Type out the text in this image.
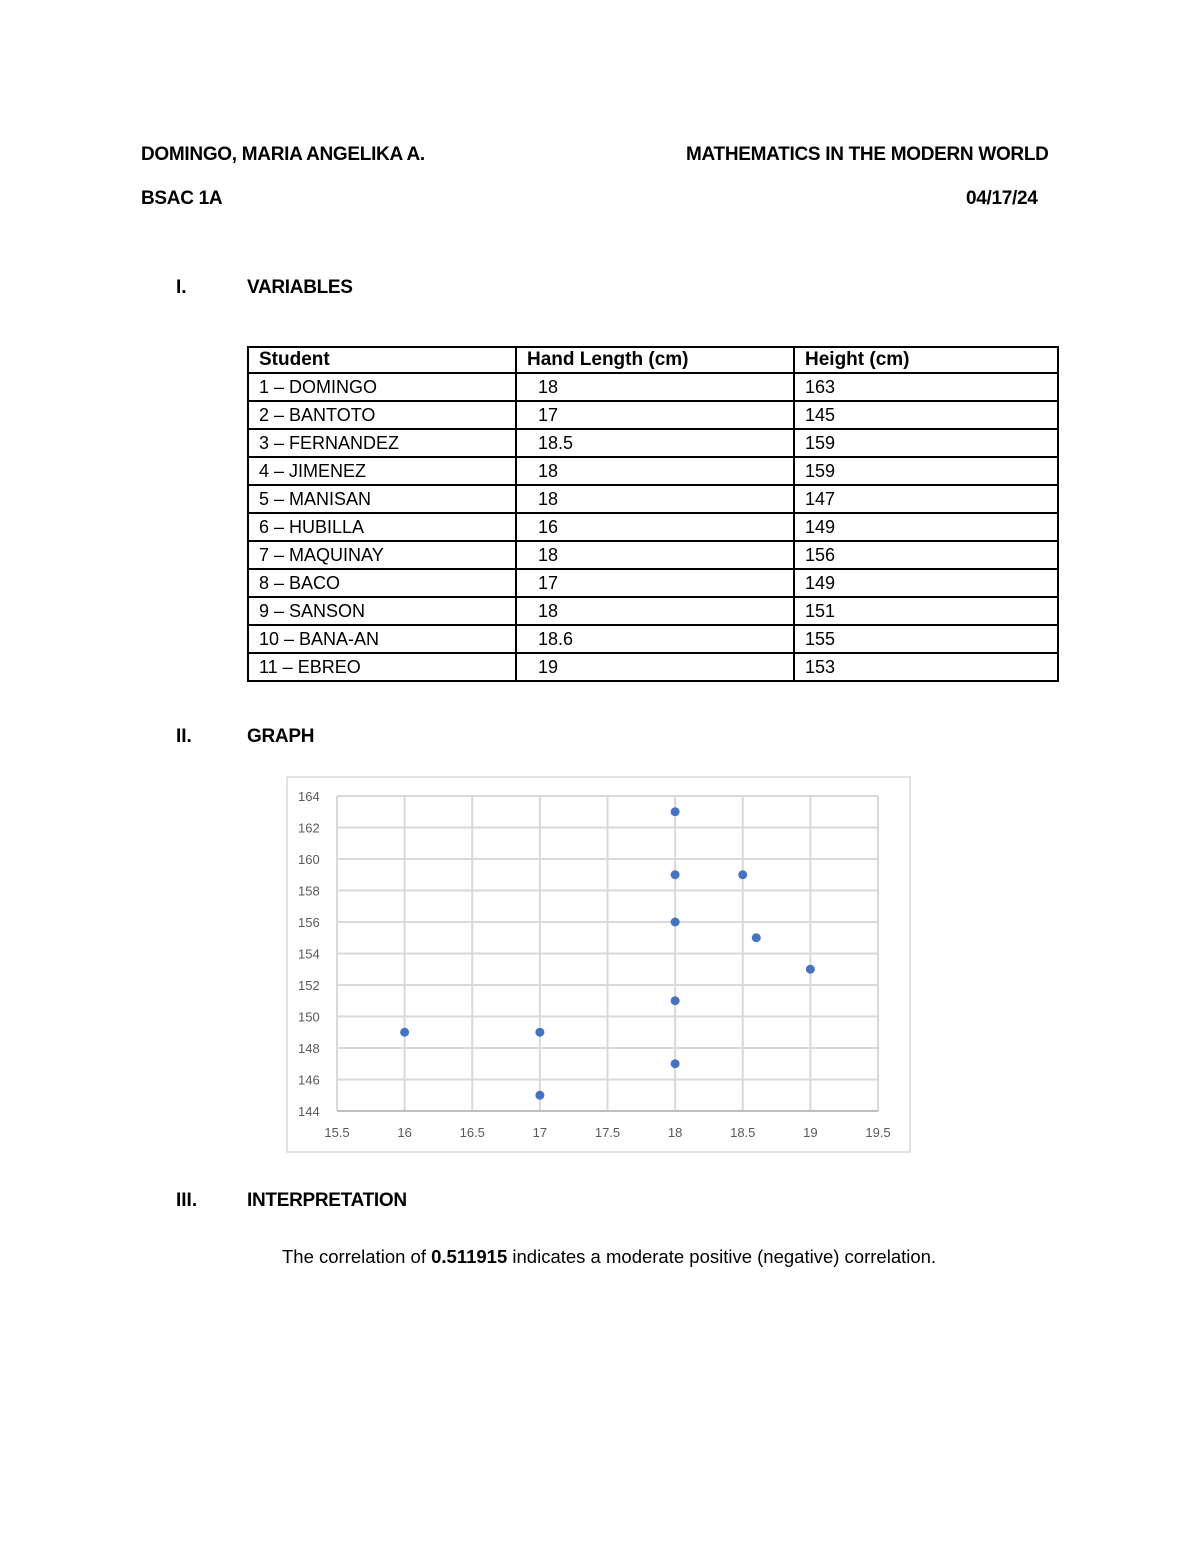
DOMINGO, MARIA ANGELIKA A.	MATHEMATICS IN THE MODERN WORLD
BSAC 1A	04/17/24
I.	VARIABLES
Student	Hand Length (cm)	Height (cm)
1 – DOMINGO	18	163
2 – BANTOTO	17	145
3 – FERNANDEZ	18.5	159
4 – JIMENEZ	18	159
5 – MANISAN	18	147
6 – HUBILLA	16	149
7 – MAQUINAY	18	156
8 – BACO	17	149
9 – SANSON	18	151
10 – BANA-AN	18.6	155
11 – EBREO	19	153
II.	GRAPH
15.5	16	16.5	17	17.5	18	18.5	19	19.5
144
146
148
150
152
154
156
158
160
162
164
III.	INTERPRETATION
The correlation of 0.511915 indicates a moderate positive (negative) correlation.
